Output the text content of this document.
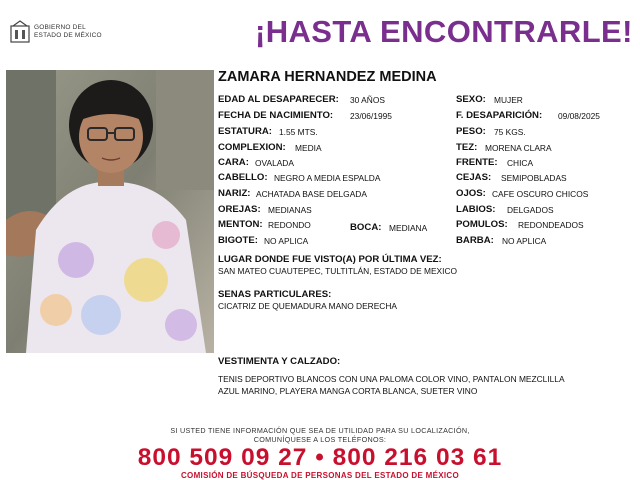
GOBIERNO DEL
ESTADO DE MÉXICO	¡HASTA ENCONTRARLE!
ZAMARA HERNANDEZ MEDINA
EDAD AL DESAPARECER: 30 AÑOS
FECHA DE NACIMIENTO: 23/06/1995
ESTATURA: 1.55 MTS.
COMPLEXION: MEDIA
CARA: OVALADA
CABELLO: NEGRO A MEDIA ESPALDA
NARIZ: ACHATADA BASE DELGADA
OREJAS: MEDIANAS
MENTON: REDONDO	BOCA: MEDIANA
BIGOTE: NO APLICA
SEXO: MUJER
F. DESAPARICIÓN: 09/08/2025
PESO: 75 KGS.
TEZ: MORENA CLARA
FRENTE: CHICA
CEJAS: SEMIPOBLADAS
OJOS: CAFE OSCURO CHICOS
LABIOS: DELGADOS
POMULOS: REDONDEADOS
BARBA: NO APLICA
LUGAR DONDE FUE VISTO(A) POR ÚLTIMA VEZ:
SAN MATEO CUAUTEPEC, TULTITLÁN, ESTADO DE MEXICO
SENAS PARTICULARES:
CICATRIZ DE QUEMADURA MANO DERECHA
VESTIMENTA Y CALZADO:
TENIS DEPORTIVO BLANCOS CON UNA PALOMA COLOR VINO, PANTALON MEZCLILLA
AZUL MARINO, PLAYERA MANGA CORTA BLANCA, SUETER VINO
SI USTED TIENE INFORMACIÓN QUE SEA DE UTILIDAD PARA SU LOCALIZACIÓN,
COMUNÍQUESE A LOS TELÉFONOS:
800 509 09 27 • 800 216 03 61
COMISIÓN DE BÚSQUEDA DE PERSONAS DEL ESTADO DE MÉXICO
